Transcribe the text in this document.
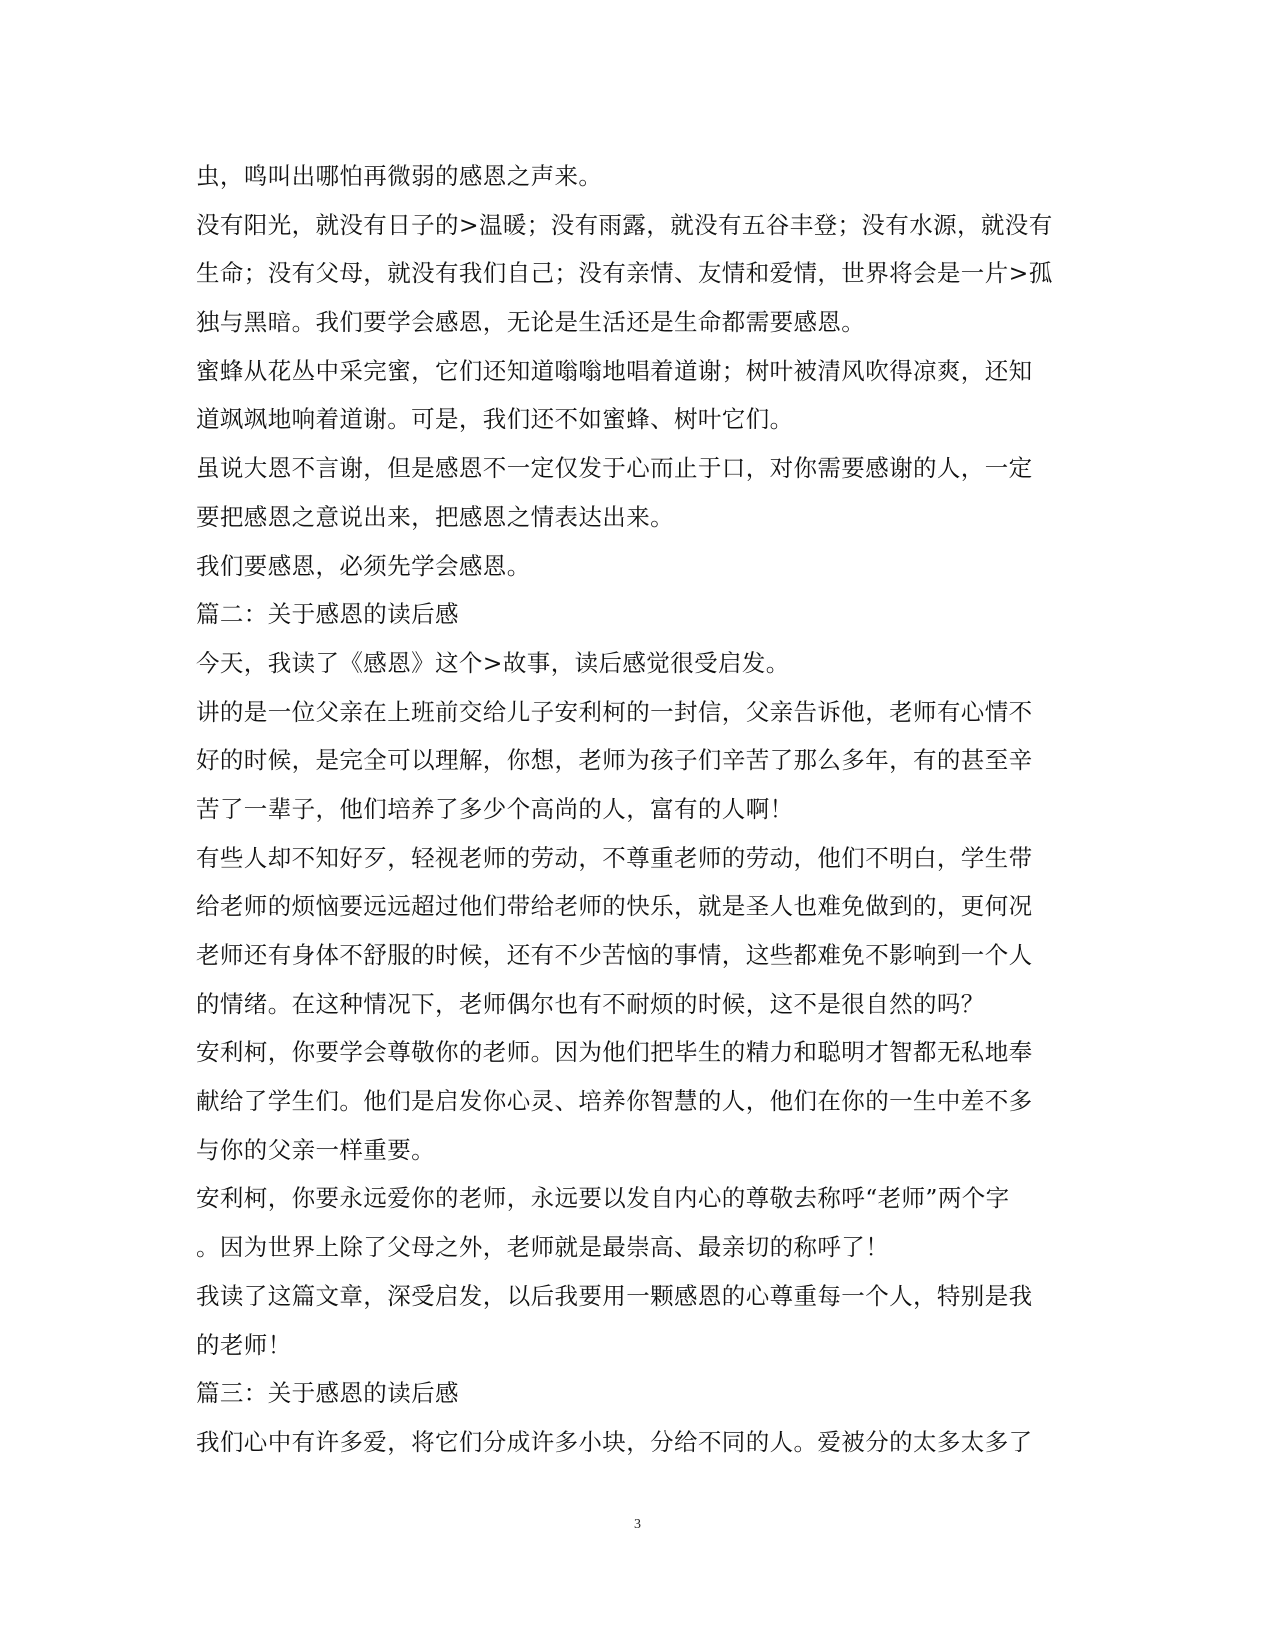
虫，鸣叫出哪怕再微弱的感恩之声来。
没有阳光，就没有日子的>温暖；没有雨露，就没有五谷丰登；没有水源，就没有
生命；没有父母，就没有我们自己；没有亲情、友情和爱情，世界将会是一片>孤
独与黑暗。我们要学会感恩，无论是生活还是生命都需要感恩。
蜜蜂从花丛中采完蜜，它们还知道嗡嗡地唱着道谢；树叶被清风吹得凉爽，还知
道飒飒地响着道谢。可是，我们还不如蜜蜂、树叶它们。
虽说大恩不言谢，但是感恩不一定仅发于心而止于口，对你需要感谢的人，一定
要把感恩之意说出来，把感恩之情表达出来。
我们要感恩，必须先学会感恩。
篇二：关于感恩的读后感
今天，我读了《感恩》这个>故事，读后感觉很受启发。
讲的是一位父亲在上班前交给儿子安利柯的一封信，父亲告诉他，老师有心情不
好的时候，是完全可以理解，你想，老师为孩子们辛苦了那么多年，有的甚至辛
苦了一辈子，他们培养了多少个高尚的人，富有的人啊！
有些人却不知好歹，轻视老师的劳动，不尊重老师的劳动，他们不明白，学生带
给老师的烦恼要远远超过他们带给老师的快乐，就是圣人也难免做到的，更何况
老师还有身体不舒服的时候，还有不少苦恼的事情，这些都难免不影响到一个人
的情绪。在这种情况下，老师偶尔也有不耐烦的时候，这不是很自然的吗？
安利柯，你要学会尊敬你的老师。因为他们把毕生的精力和聪明才智都无私地奉
献给了学生们。他们是启发你心灵、培养你智慧的人，他们在你的一生中差不多
与你的父亲一样重要。
安利柯，你要永远爱你的老师，永远要以发自内心的尊敬去称呼“老师”两个字
。因为世界上除了父母之外，老师就是最崇高、最亲切的称呼了！
我读了这篇文章，深受启发，以后我要用一颗感恩的心尊重每一个人，特别是我
的老师！
篇三：关于感恩的读后感
我们心中有许多爱，将它们分成许多小块，分给不同的人。爱被分的太多太多了
3
